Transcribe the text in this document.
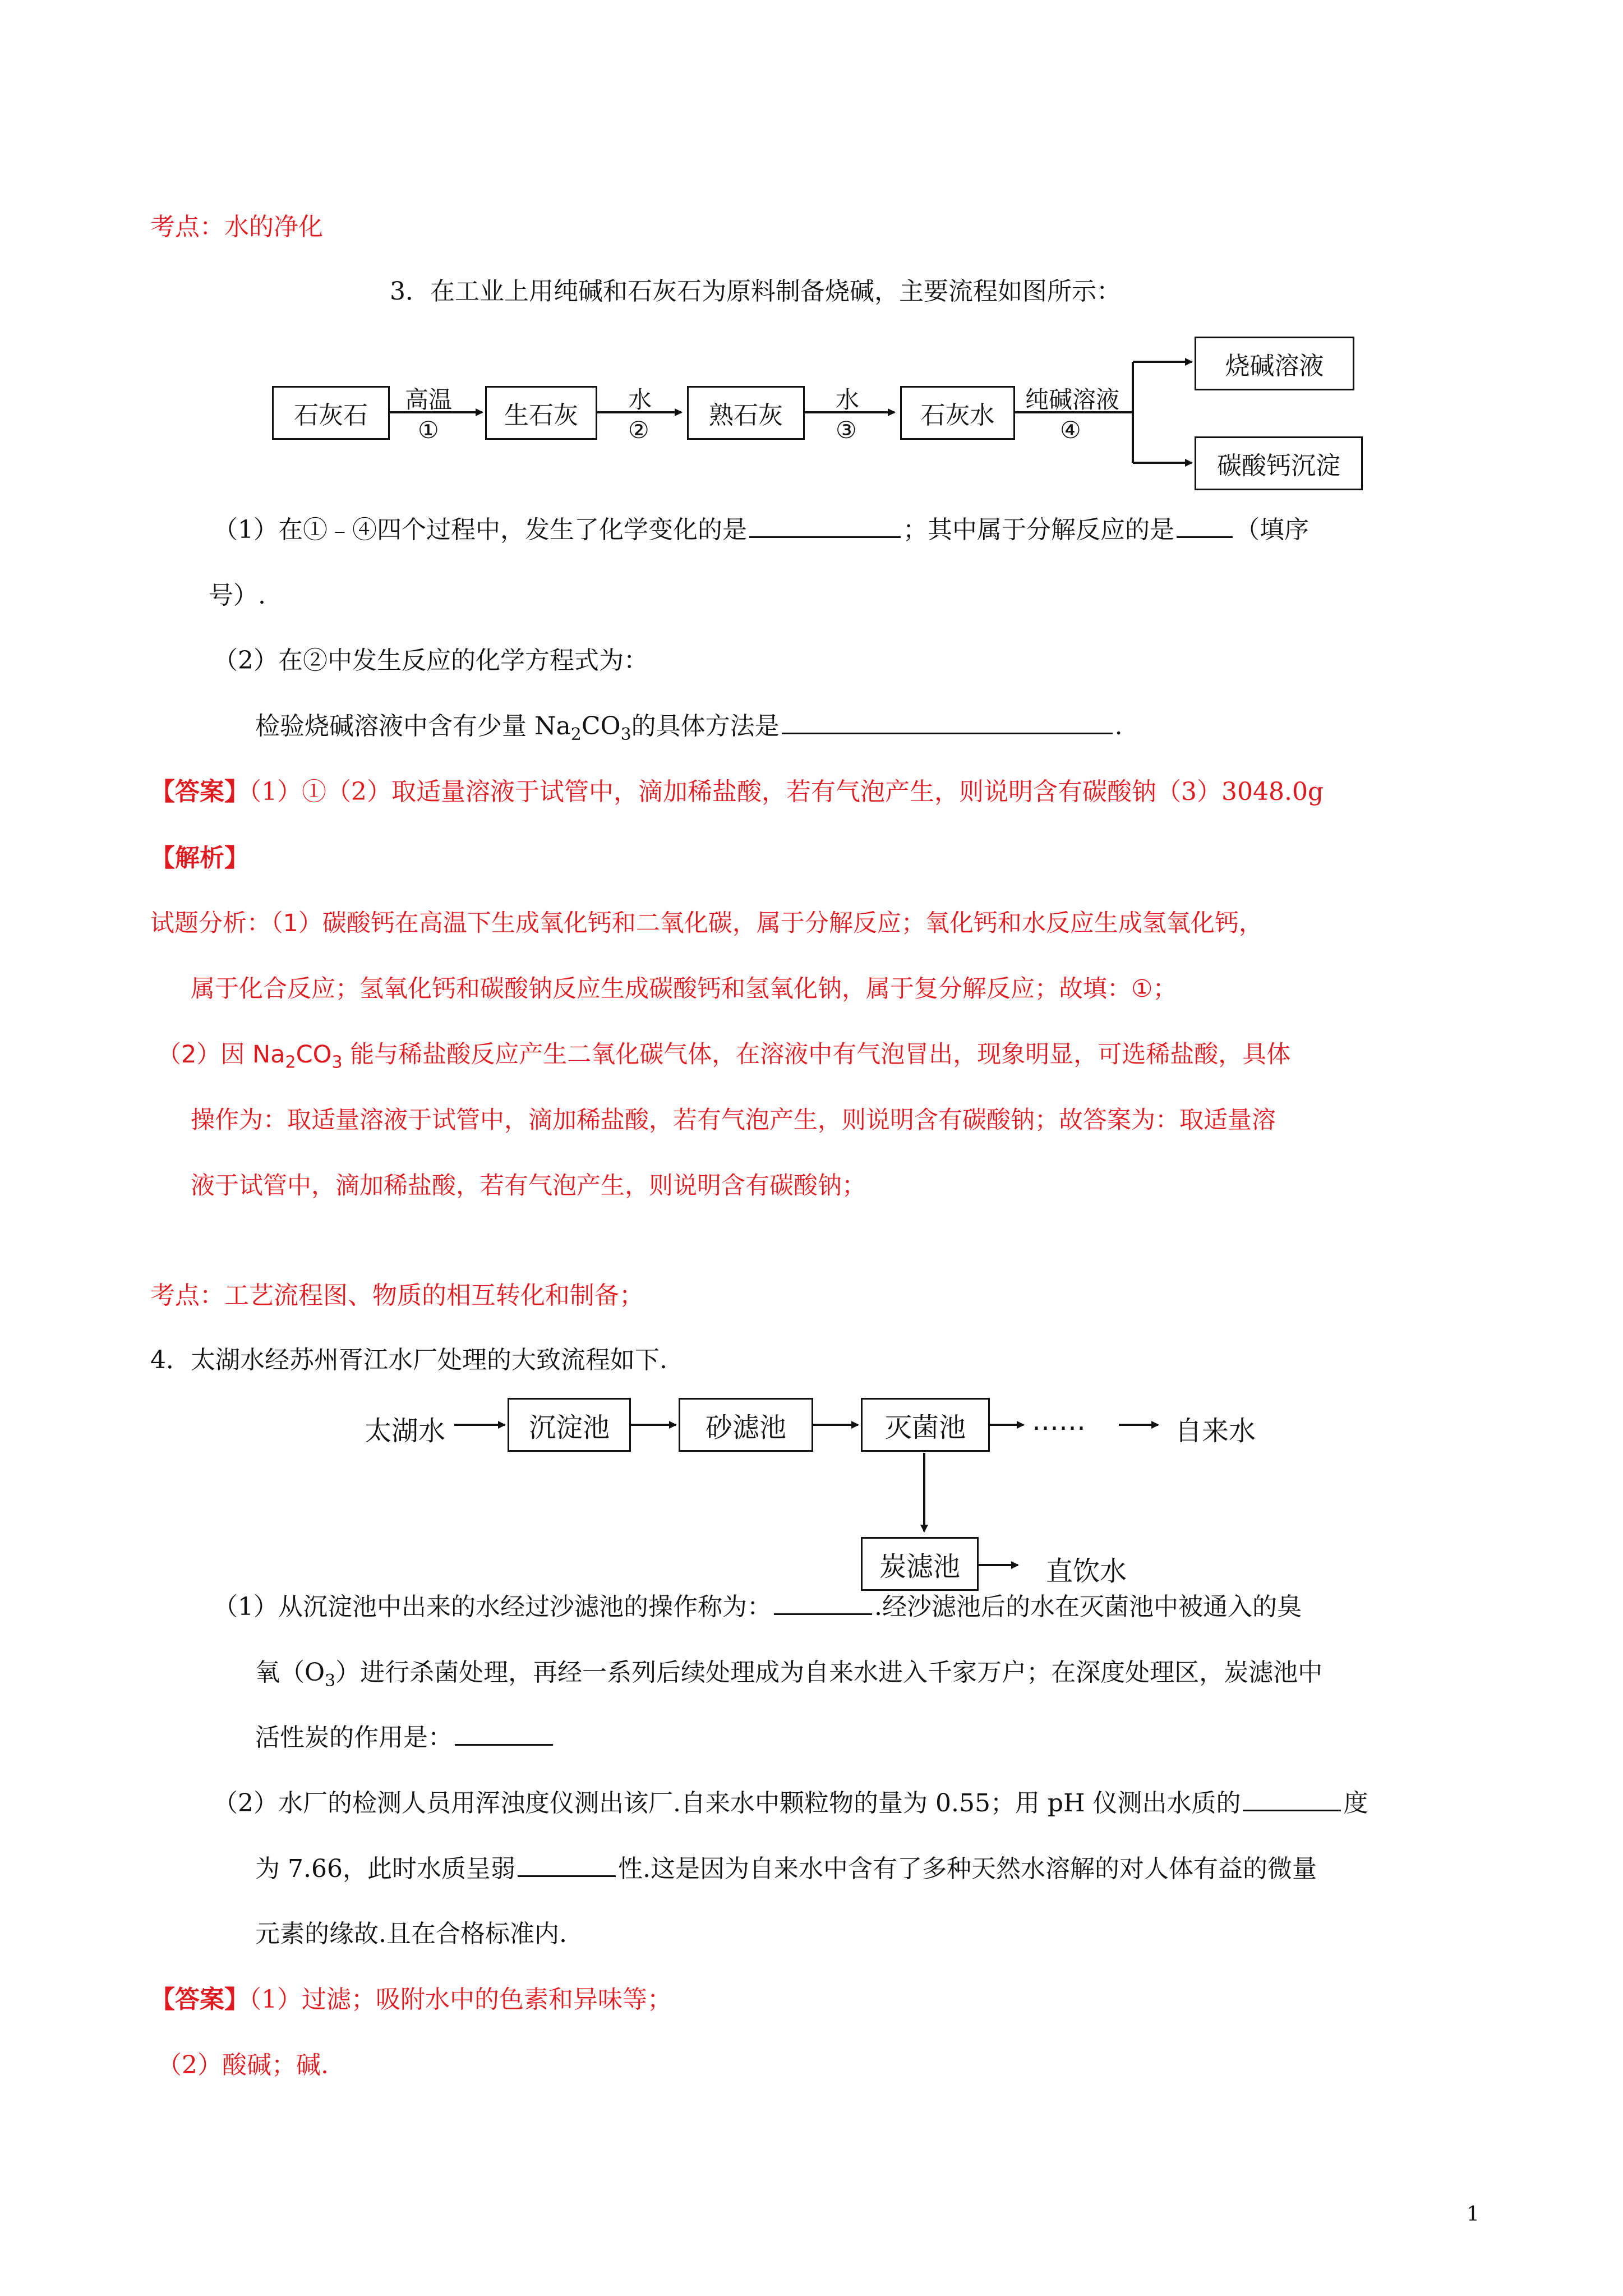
考点：水的净化
3．在工业上用纯碱和石灰石为原料制备烧碱，主要流程如图所示：
石灰石	生石灰	熟石灰	石灰水
烧碱溶液
碳酸钙沉淀
高温
①
水
②
水
③
纯碱溶液
④
（1）在①﹣④四个过程中，发生了化学变化的是	；其中属于分解反应的是 （填序
号）.
（2）在②中发生反应的化学方程式为：
检验烧碱溶液中含有少量 $Na_2CO_3$的具体方法是	.
【答案】（1）①（2）取适量溶液于试管中，滴加稀盐酸，若有气泡产生，则说明含有碳酸钠（3）3048.0g
【解析】
试题分析：（1）碳酸钙在高温下生成氧化钙和二氧化碳，属于分解反应；氧化钙和水反应生成氢氧化钙，
属于化合反应；氢氧化钙和碳酸钠反应生成碳酸钙和氢氧化钠，属于复分解反应；故填：①；
（2）因 $Na_2CO_3$ 能与稀盐酸反应产生二氧化碳气体，在溶液中有气泡冒出，现象明显，可选稀盐酸，具体
操作为：取适量溶液于试管中，滴加稀盐酸，若有气泡产生，则说明含有碳酸钠；故答案为：取适量溶
液于试管中，滴加稀盐酸，若有气泡产生，则说明含有碳酸钠；
考点：工艺流程图、物质的相互转化和制备；
4．太湖水经苏州胥江水厂处理的大致流程如下.
太湖水	沉淀池	砂滤池	灭菌池	……	自来水
炭滤池	直饮水
（1）从沉淀池中出来的水经过沙滤池的操作称为：	.经沙滤池后的水在灭菌池中被通入的臭
氧$(O_3)$进行杀菌处理，再经一系列后续处理成为自来水进入千家万户；在深度处理区，炭滤池中
活性炭的作用是：
（2）水厂的检测人员用浑浊度仪测出该厂.自来水中颗粒物的量为 0.55；用 pH 仪测出水质的	度
为 7.66，此时水质呈弱	性.这是因为自来水中含有了多种天然水溶解的对人体有益的微量
元素的缘故.且在合格标准内.
【答案】（1）过滤；吸附水中的色素和异味等；
（2）酸碱；碱.
1
